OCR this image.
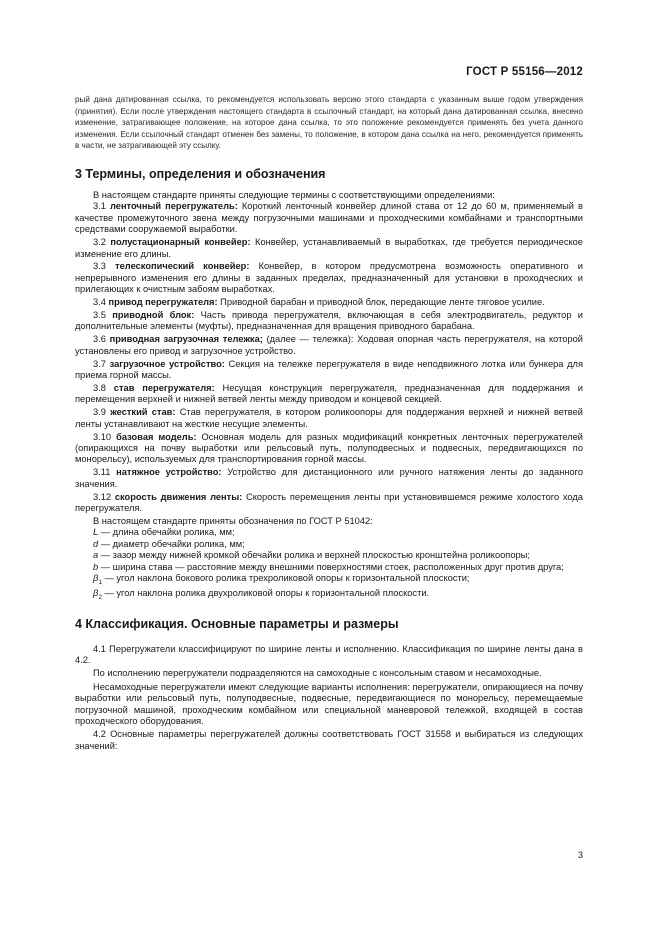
ГОСТ Р 55156—2012

рый дана датированная ссылка, то рекомендуется использовать версию этого стандарта с указанным выше годом утверждения (принятия). Если после утверждения настоящего стандарта в ссылочный стандарт, на который дана датированная ссылка, внесено изменение, затрагивающее положение, на которое дана ссылка, то это положение рекомендуется применять без учета данного изменения. Если ссылочный стандарт отменен без замены, то положение, в котором дана ссылка на него, рекомендуется применять в части, не затрагивающей эту ссылку.

3 Термины, определения и обозначения

В настоящем стандарте приняты следующие термины с соответствующими определениями:

3.1 ленточный перегружатель: Короткий ленточный конвейер длиной става от 12 до 60 м, применяемый в качестве промежуточного звена между погрузочными машинами и проходческими комбайнами и транспортными средствами сооружаемой выработки.

3.2 полустационарный конвейер: Конвейер, устанавливаемый в выработках, где требуется периодическое изменение его длины.

3.3 телескопический конвейер: Конвейер, в котором предусмотрена возможность оперативного и непрерывного изменения его длины в заданных пределах, предназначенный для установки в проходческих и прилегающих к очистным забоям выработках.

3.4 привод перегружателя: Приводной барабан и приводной блок, передающие ленте тяговое усилие.

3.5 приводной блок: Часть привода перегружателя, включающая в себя электродвигатель, редуктор и дополнительные элементы (муфты), предназначенная для вращения приводного барабана.

3.6 приводная загрузочная тележка; (далее — тележка): Ходовая опорная часть перегружателя, на которой установлены его привод и загрузочное устройство.

3.7 загрузочное устройство: Секция на тележке перегружателя в виде неподвижного лотка или бункера для приема горной массы.

3.8 став перегружателя: Несущая конструкция перегружателя, предназначенная для поддержания и перемещения верхней и нижней ветвей ленты между приводом и концевой секцией.

3.9 жесткий став: Став перегружателя, в котором роликоопоры для поддержания верхней и нижней ветвей ленты устанавливают на жесткие несущие элементы.

3.10 базовая модель: Основная модель для разных модификаций конкретных ленточных перегружателей (опирающихся на почву выработки или рельсовый путь, полуподвесных и подвесных, передвигающихся по монорельсу), используемых для транспортирования горной массы.

3.11 натяжное устройство: Устройство для дистанционного или ручного натяжения ленты до заданного значения.

3.12 скорость движения ленты: Скорость перемещения ленты при установившемся режиме холостого хода перегружателя.

В настоящем стандарте приняты обозначения по ГОСТ Р 51042:

L — длина обечайки ролика, мм;

d — диаметр обечайки ролика, мм;

a — зазор между нижней кромкой обечайки ролика и верхней плоскостью кронштейна роликоопоры;

b — ширина става — расстояние между внешними поверхностями стоек, расположенных друг против друга;

$\beta_1$ — угол наклона бокового ролика трехроликовой опоры к горизонтальной плоскости;

$\beta_2$ — угол наклона ролика двухроликовой опоры к горизонтальной плоскости.

4 Классификация. Основные параметры и размеры

4.1 Перегружатели классифицируют по ширине ленты и исполнению. Классификация по ширине ленты дана в 4.2.

По исполнению перегружатели подразделяются на самоходные с консольным ставом и несамоходные.

Несамоходные перегружатели имеют следующие варианты исполнения: перегружатели, опирающиеся на почву выработки или рельсовый путь, полуподвесные, подвесные, передвигающиеся по монорельсу, перемещаемые погрузочной машиной, проходческим комбайном или специальной маневровой тележкой, входящей в состав проходческого оборудования.

4.2 Основные параметры перегружателей должны соответствовать ГОСТ 31558 и выбираться из следующих значений:

3
